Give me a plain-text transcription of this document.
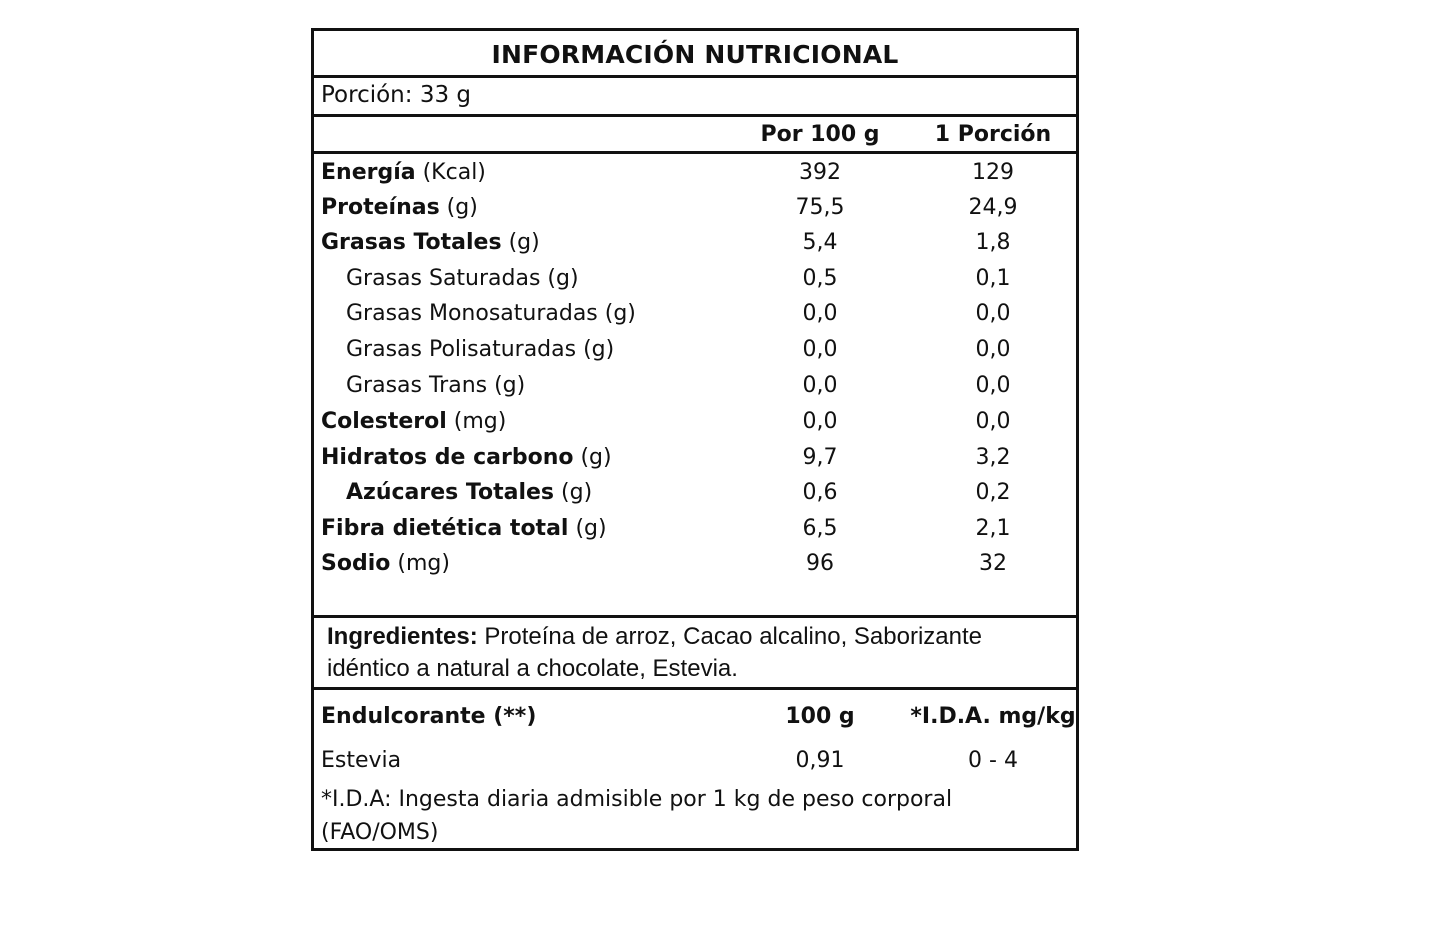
INFORMACIÓN NUTRICIONAL
Porción: 33 g
Por 100 g	1 Porción
Energía (Kcal)	392	129
Proteínas (g)	75,5	24,9
Grasas Totales (g)	5,4	1,8
Grasas Saturadas (g)	0,5	0,1
Grasas Monosaturadas (g)	0,0	0,0
Grasas Polisaturadas (g)	0,0	0,0
Grasas Trans (g)	0,0	0,0
Colesterol (mg)	0,0	0,0
Hidratos de carbono (g)	9,7	3,2
Azúcares Totales (g)	0,6	0,2
Fibra dietética total (g)	6,5	2,1
Sodio (mg)	96	32
Ingredientes: Proteína de arroz, Cacao alcalino, Saborizante
idéntico a natural a chocolate, Estevia.
Endulcorante (**)	100 g	*I.D.A. mg/kg
Estevia	0,91	0 - 4
*I.D.A: Ingesta diaria admisible por 1 kg de peso corporal
(FAO/OMS)
